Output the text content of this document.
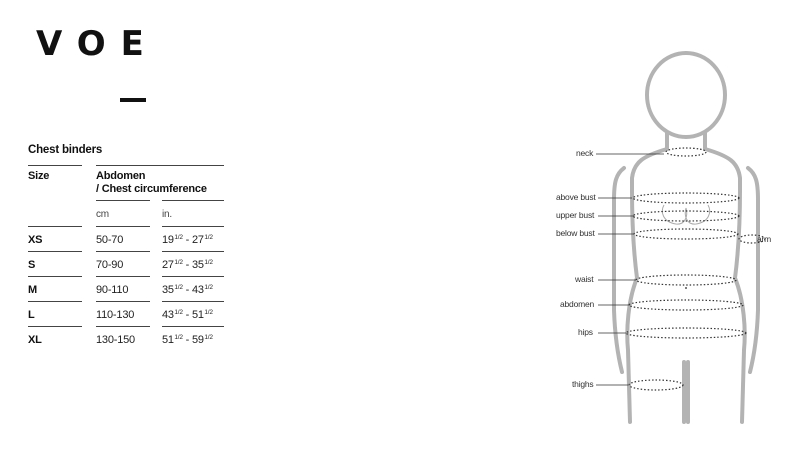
VOE
Chest binders
Size	Abdomen
/ Chest circumference
cm	in.
XS	50-70	$19^{1/2} - 27^{1/2}$
S	70-90	$27^{1/2} - 35^{1/2}$
M	90-110	$35^{1/2} - 43^{1/2}$
L	110-130	$43^{1/2} - 51^{1/2}$
XL	130-150 $51^{1/2} - 59^{1/2}$
neck
above bust
upper bust
below bust
arm
waist
abdomen
hips
thighs
